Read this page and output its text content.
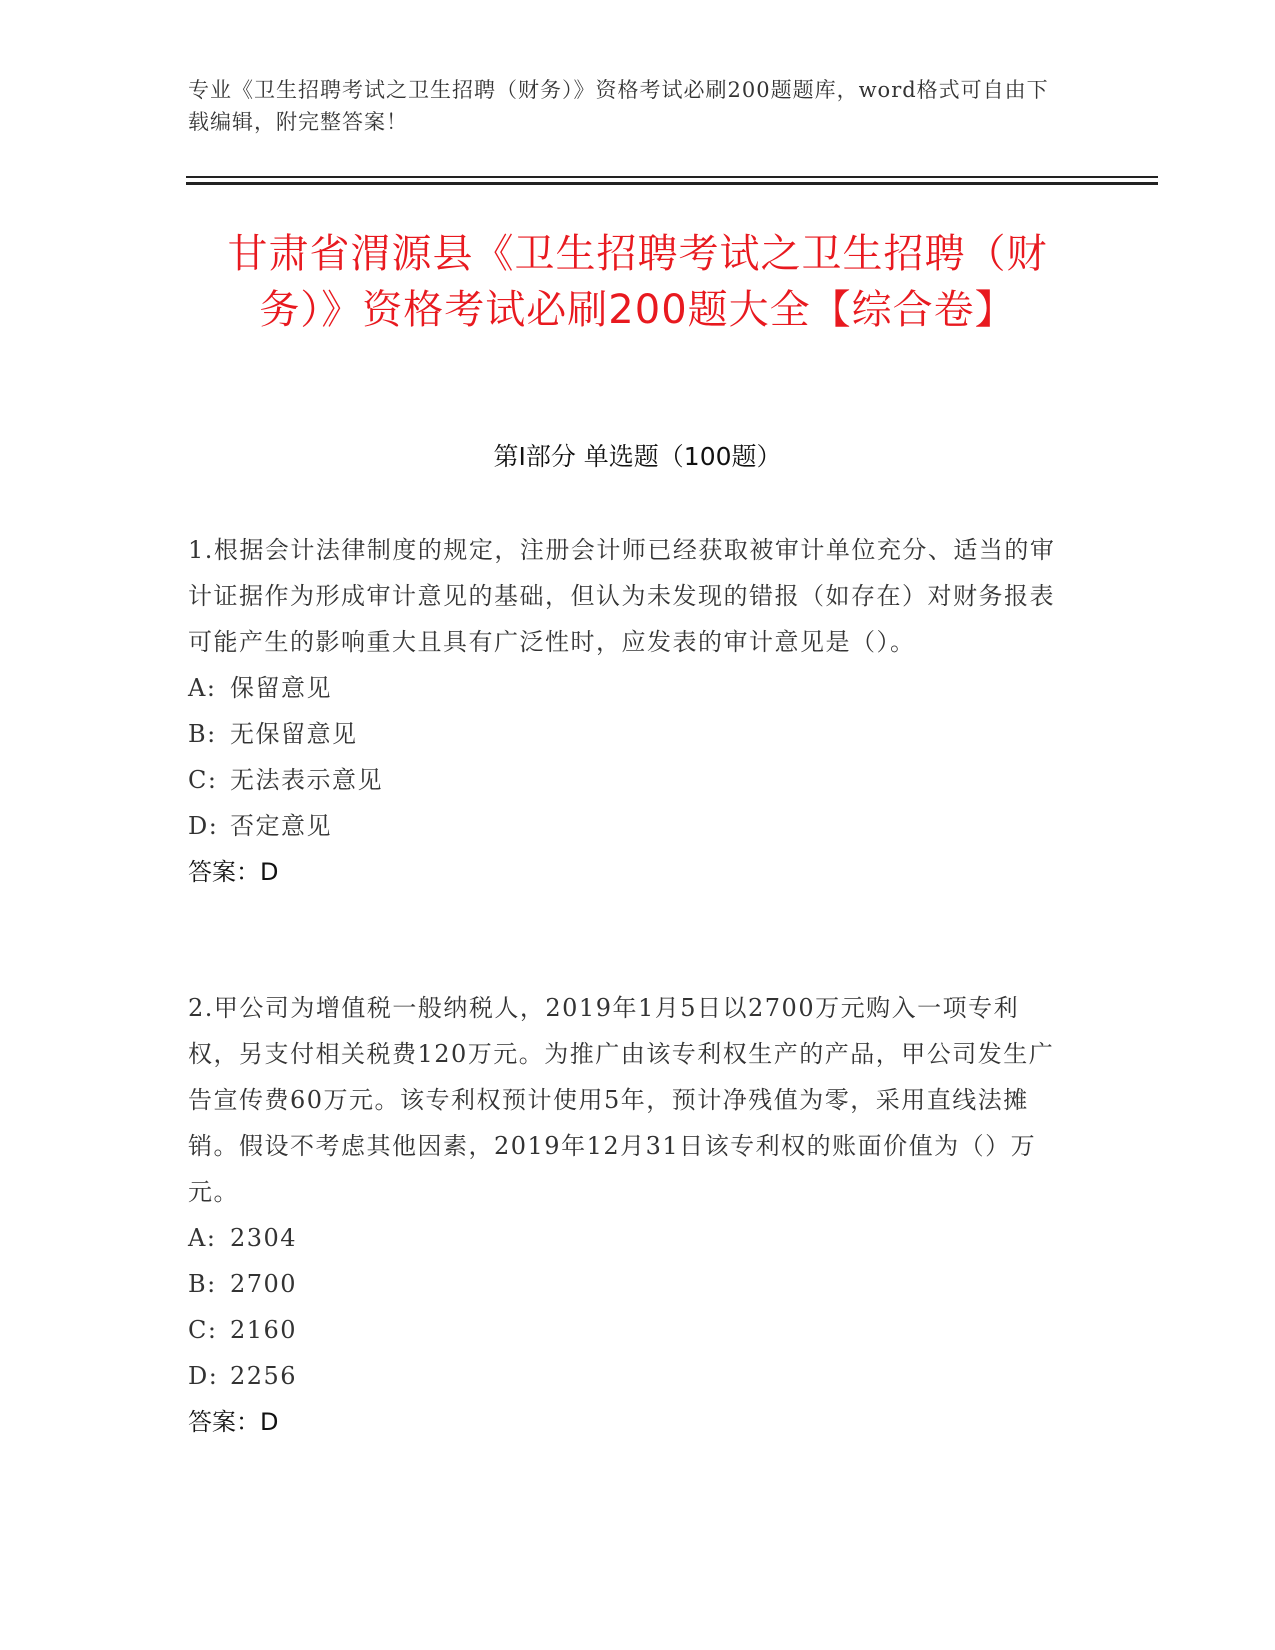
专业《卫生招聘考试之卫生招聘（财务）》资格考试必刷200题题库，word格式可自由下载编辑，附完整答案！
甘肃省渭源县《卫生招聘考试之卫生招聘（财务）》资格考试必刷200题大全【综合卷】
第I部分 单选题（100题）
1.根据会计法律制度的规定，注册会计师已经获取被审计单位充分、适当的审计证据作为形成审计意见的基础，但认为未发现的错报（如存在）对财务报表可能产生的影响重大且具有广泛性时，应发表的审计意见是（）。
A: 保留意见
B: 无保留意见
C: 无法表示意见
D: 否定意见
答案：D
2.甲公司为增值税一般纳税人，2019年1月5日以2700万元购入一项专利权，另支付相关税费120万元。为推广由该专利权生产的产品，甲公司发生广告宣传费60万元。该专利权预计使用5年，预计净残值为零，采用直线法摊销。假设不考虑其他因素，2019年12月31日该专利权的账面价值为（）万元。
A: 2304
B: 2700
C: 2160
D: 2256
答案：D
